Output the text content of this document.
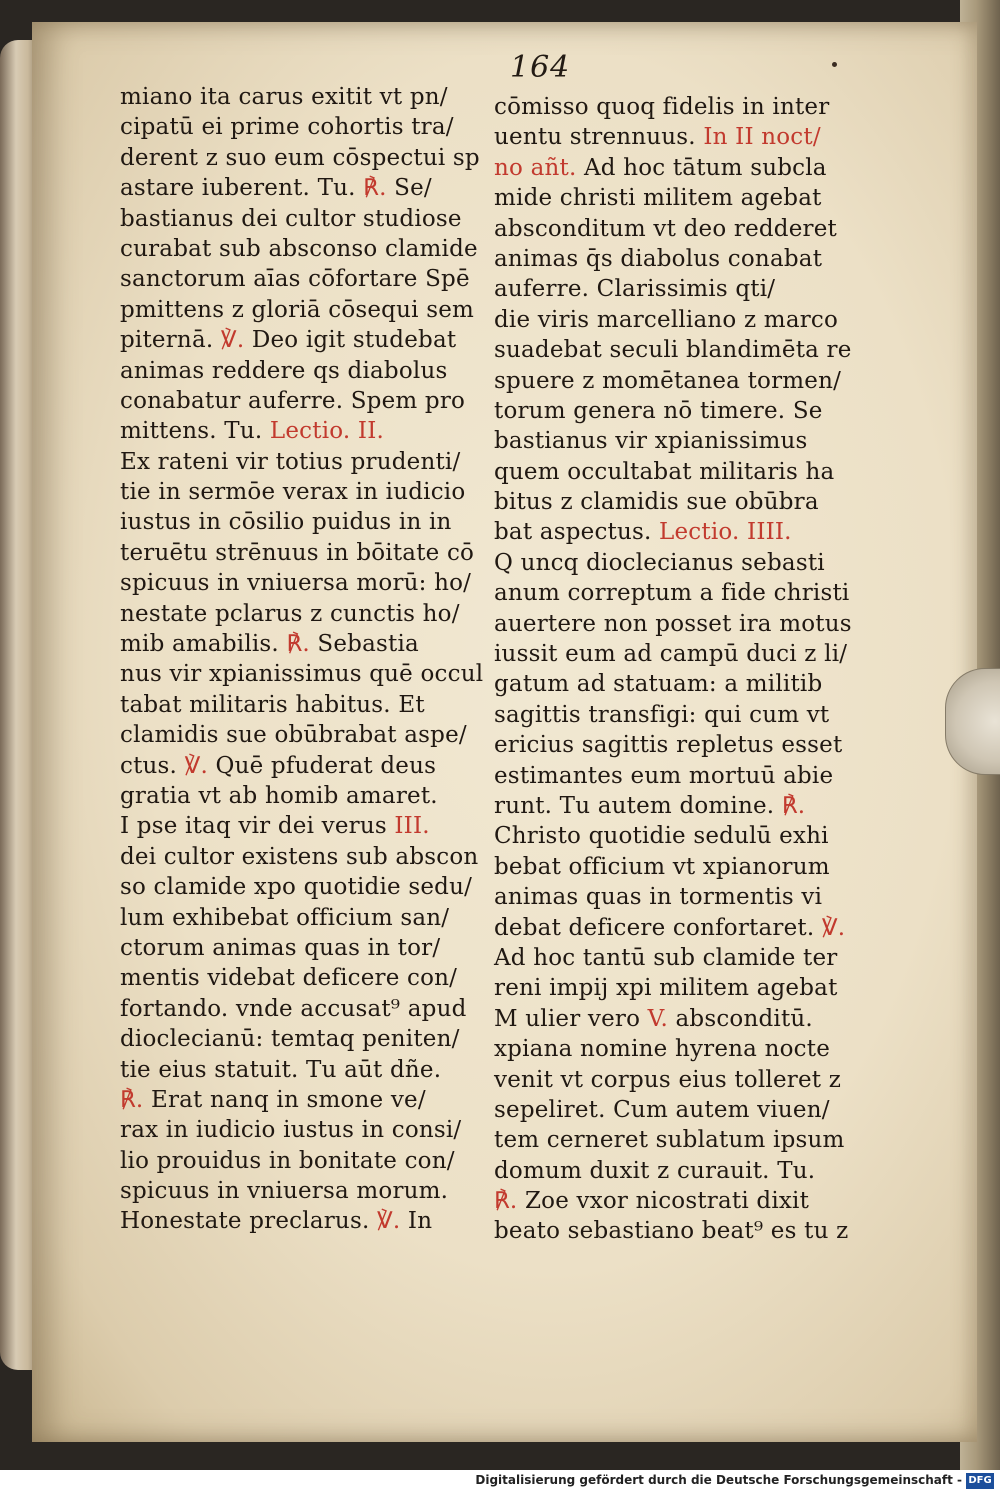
164
miano ita carus exitit vt pn/
cipatū ei prime cohortis tra/
derent z suo eum cōspectui sp
astare iuberent. Tu. ℟. Se/
bastianus dei cultor studiose
curabat sub absconso clamide
sanctorum aīas cōfortare Spē
pmittens z gloriā cōsequi sem
piternā. ℣. Deo igit studebat
animas reddere qs diabolus
conabatur auferre. Spem pro
mittens. Tu. Lectio. II.
Ex rateni vir totius prudenti/
tie in sermōe verax in iudicio
iustus in cōsilio puidus in in
teruētu strēnuus in bōitate cō
spicuus in vniuersa morū: ho/
nestate pclarus z cunctis ho/
mib amabilis. ℟. Sebastia
nus vir xpianissimus quē occul
tabat militaris habitus. Et
clamidis sue obūbrabat aspe/
ctus. ℣. Quē pfuderat deus
gratia vt ab homib amaret.
I pse itaq vir dei verus III.
dei cultor existens sub abscon
so clamide xpo quotidie sedu/
lum exhibebat officium san/
ctorum animas quas in tor/
mentis videbat deficere con/
fortando. vnde accusat⁹ apud
dioclecianū: temtaq peniten/
tie eius statuit. Tu aūt dñe.
℟. Erat nanq in smone ve/
rax in iudicio iustus in consi/
lio prouidus in bonitate con/
spicuus in vniuersa morum.
Honestate preclarus. ℣. In
cōmisso quoq fidelis in inter
uentu strennuus. In II noct/
no añt. Ad hoc tātum subcla
mide christi militem agebat
absconditum vt deo redderet
animas q̄s diabolus conabat
auferre. Clarissimis qti/
die viris marcelliano z marco
suadebat seculi blandimēta re
spuere z momētanea tormen/
torum genera nō timere. Se
bastianus vir xpianissimus
quem occultabat militaris ha
bitus z clamidis sue obūbra
bat aspectus. Lectio. IIII.
Q uncq dioclecianus sebasti
anum correptum a fide christi
auertere non posset ira motus
iussit eum ad campū duci z li/
gatum ad statuam: a militib
sagittis transfigi: qui cum vt
ericius sagittis repletus esset
estimantes eum mortuū abie
runt. Tu autem domine. ℟.
Christo quotidie sedulū exhi
bebat officium vt xpianorum
animas quas in tormentis vi
debat deficere confortaret. ℣.
Ad hoc tantū sub clamide ter
reni impij xpi militem agebat
M ulier vero V. absconditū.
xpiana nomine hyrena nocte
venit vt corpus eius tolleret z
sepeliret. Cum autem viuen/
tem cerneret sublatum ipsum
domum duxit z curauit. Tu.
℟. Zoe vxor nicostrati dixit
beato sebastiano beat⁹ es tu z
Digitalisierung gefördert durch die Deutsche Forschungsgemeinschaft - DFG
